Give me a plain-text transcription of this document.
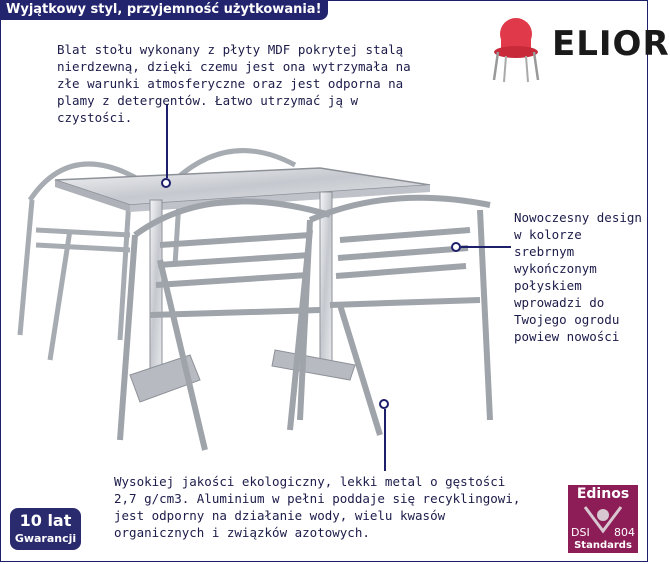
Wyjątkowy styl, przyjemność użytkowania!
ELIOR
Blat stołu wykonany z płyty MDF pokrytej stalą nierdzewną, dzięki czemu jest ona wytrzymała na złe warunki atmosferyczne oraz jest odporna na plamy z detergentów. Łatwo utrzymać ją w czystości.
Nowoczesny design w kolorze srebrnym wykończonym połyskiem wprowadzi do Twojego ogrodu powiew nowości
Wysokiej jakości ekologiczny, lekki metal o gęstości 2,7 g/cm3. Aluminium w pełni poddaje się recyklingowi, jest odporny na działanie wody, wielu kwasów organicznych i związków azotowych.
10 lat
Gwarancji
Edinos
DSI 804
Standards
